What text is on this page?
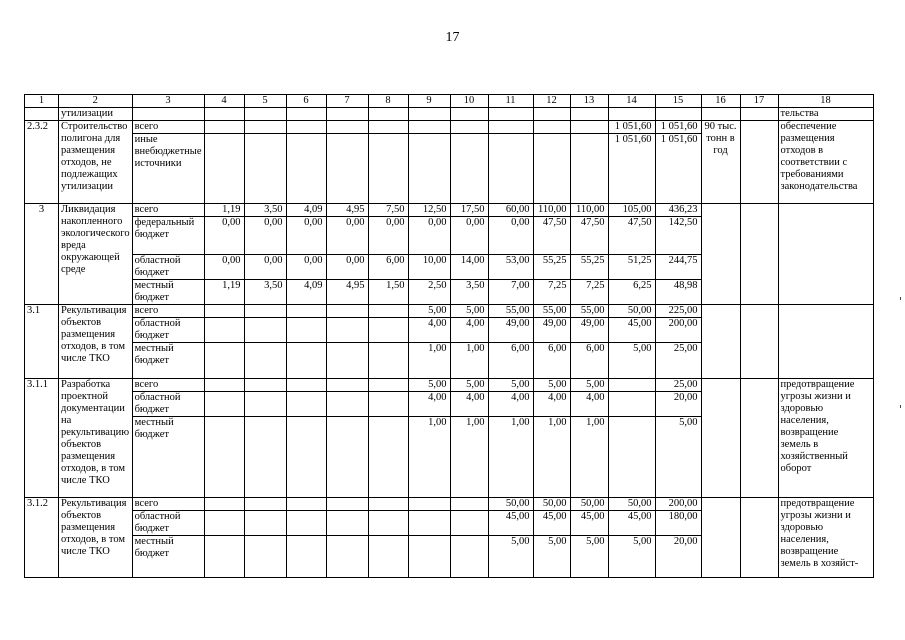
17
1	2	3	4	5	6	7	8	9	10	11	12	13	14	15	16	17	18
	утилизации																тельства
2.3.2	Строительство полигона для размещения отходов, не подлежащих утилизации	всего											1 051,60	1 051,60	90 тыс. тонн в год		обеспечение размещения отходов в соответствии с требованиями законодательства
		иные внебюджетные источники											1 051,60	1 051,60			
3	Ликвидация накопленного экологического вреда окружающей среде	всего	1,19	3,50	4,09	4,95	7,50	12,50	17,50	60,00	110,00	110,00	105,00	436,23			
		федеральный бюджет	0,00	0,00	0,00	0,00	0,00	0,00	0,00	0,00	47,50	47,50	47,50	142,50			
		областной бюджет	0,00	0,00	0,00	0,00	6,00	10,00	14,00	53,00	55,25	55,25	51,25	244,75			
		местный бюджет	1,19	3,50	4,09	4,95	1,50	2,50	3,50	7,00	7,25	7,25	6,25	48,98			
3.1	Рекультивация объектов размещения отходов, в том числе ТКО	всего						5,00	5,00	55,00	55,00	55,00	50,00	225,00			
		областной бюджет						4,00	4,00	49,00	49,00	49,00	45,00	200,00			
		местный бюджет						1,00	1,00	6,00	6,00	6,00	5,00	25,00			
3.1.1	Разработка проектной документации на рекультивацию объектов размещения отходов, в том числе ТКО	всего						5,00	5,00	5,00	5,00	5,00		25,00			предотвращение угрозы жизни и здоровью населения, возвращение земель в хозяйственный оборот
		областной бюджет						4,00	4,00	4,00	4,00	4,00		20,00			
		местный бюджет						1,00	1,00	1,00	1,00	1,00		5,00			
3.1.2	Рекультивация объектов размещения отходов, в том числе ТКО	всего								50,00	50,00	50,00	50,00	200,00			предотвращение угрозы жизни и здоровью населения, возвращение земель в хозяйст-
		областной бюджет								45,00	45,00	45,00	45,00	180,00			
		местный бюджет								5,00	5,00	5,00	5,00	20,00			
